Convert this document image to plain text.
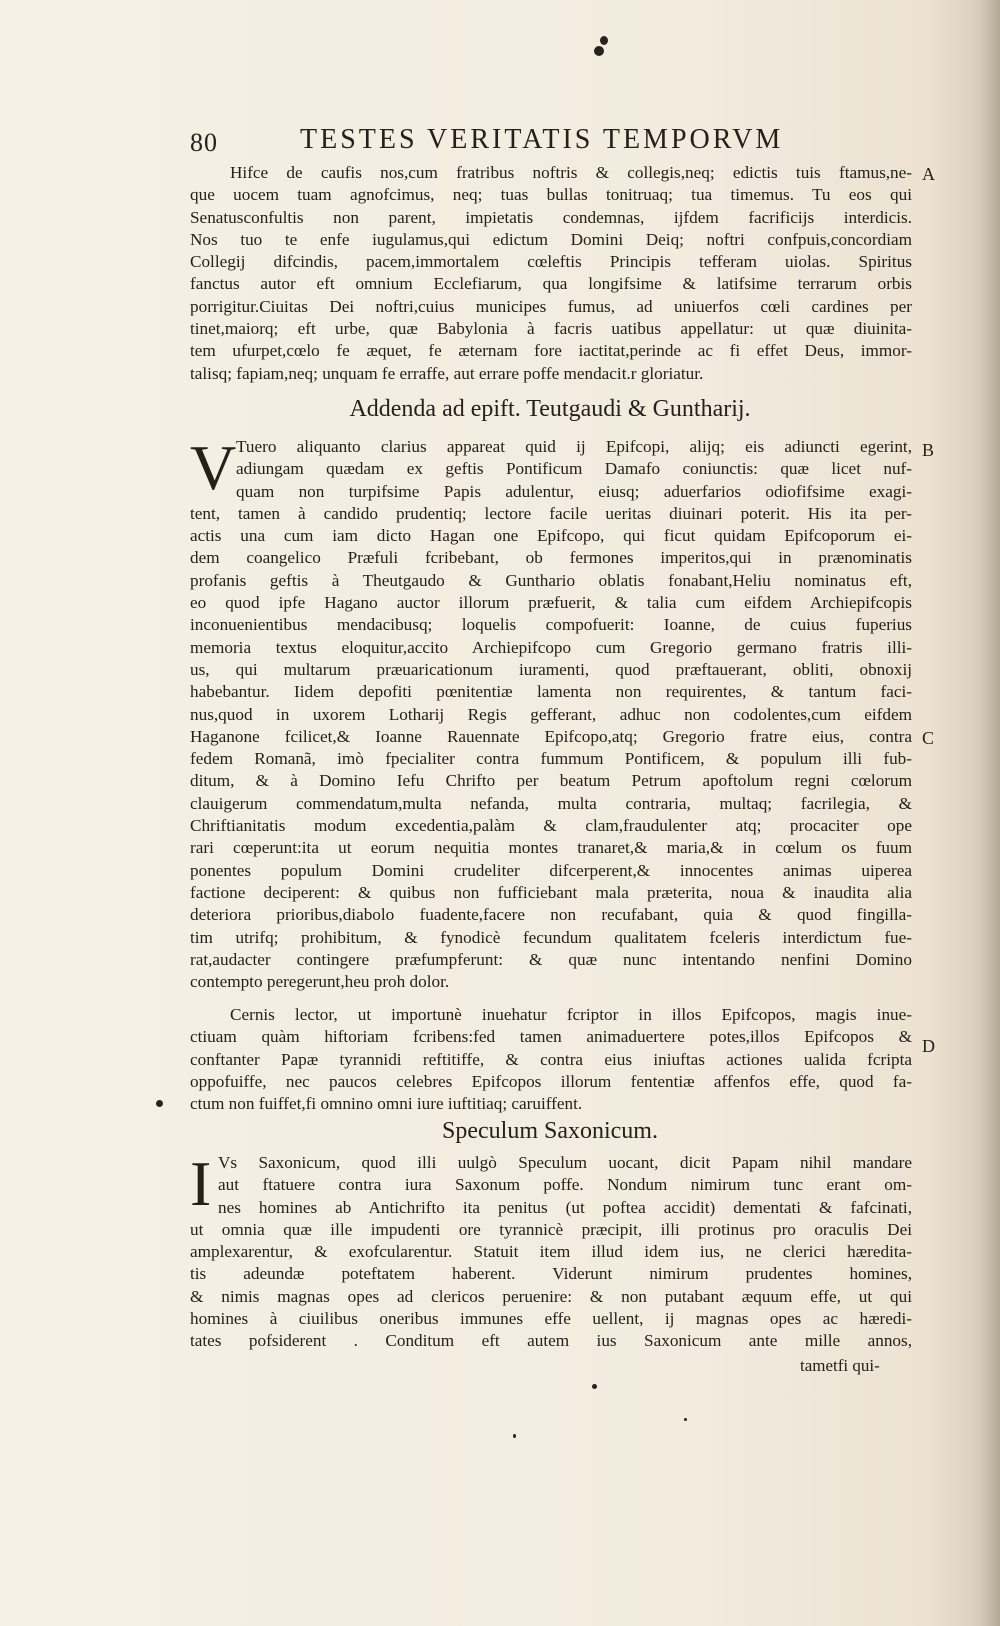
80	TESTES VERITATIS TEMPORVM
A
B
C
D
Hifce de caufis nos,cum fratribus noftris & collegis,neq; edictis tuis ftamus,ne-
que uocem tuam agnofcimus, neq; tuas bullas tonitruaq; tua timemus. Tu eos qui
Senatusconfultis non parent, impietatis condemnas, ijfdem facrificijs interdicis.
Nos tuo te enfe iugulamus,qui edictum Domini Deiq; noftri confpuis,concordiam
Collegij difcindis, pacem,immortalem cœleftis Principis tefferam uiolas. Spiritus
fanctus autor eft omnium Ecclefiarum, qua longifsime & latifsime terrarum orbis
porrigitur.Ciuitas Dei noftri,cuius municipes fumus, ad uniuerfos cœli cardines per
tinet,maiorq; eft urbe, quæ Babylonia à facris uatibus appellatur: ut quæ diuinita-
tem ufurpet,cœlo fe æquet, fe æternam fore iactitat,perinde ac fi effet Deus, immor-
talisq; fapiam,neq; unquam fe erraffe, aut errare poffe mendacit.r gloriatur.
Addenda ad epift. Teutgaudi & Guntharij.
V Tuero aliquanto clarius appareat quid ij Epifcopi, alijq; eis adiuncti egerint,
adiungam quædam ex geftis Pontificum Damafo coniunctis: quæ licet nuf-
quam non turpifsime Papis adulentur, eiusq; aduerfarios odiofifsime exagi-
tent, tamen à candido prudentiq; lectore facile ueritas diuinari poterit. His ita per-
actis una cum iam dicto Hagan one Epifcopo, qui ficut quidam Epifcoporum ei-
dem coangelico Præfuli fcribebant, ob fermones imperitos,qui in prænominatis
profanis geftis à Theutgaudo & Gunthario oblatis fonabant,Heliu nominatus eft,
eo quod ipfe Hagano auctor illorum præfuerit, & talia cum eifdem Archiepifcopis
inconuenientibus mendacibusq; loquelis compofuerit: Ioanne, de cuius fuperius
memoria textus eloquitur,accito Archiepifcopo cum Gregorio germano fratris illi-
us, qui multarum præuaricationum iuramenti, quod præftauerant, obliti, obnoxij
habebantur. Iidem depofiti pœnitentiæ lamenta non requirentes, & tantum faci-
nus,quod in uxorem Lotharij Regis gefferant, adhuc non codolentes,cum eifdem
Haganone fcilicet,& Ioanne Rauennate Epifcopo,atq; Gregorio fratre eius, contra
fedem Romanã, imò fpecialiter contra fummum Pontificem, & populum illi fub-
ditum, & à Domino Iefu Chrifto per beatum Petrum apoftolum regni cœlorum
clauigerum commendatum,multa nefanda, multa contraria, multaq; facrilegia, &
Chriftianitatis modum excedentia,palàm & clam,fraudulenter atq; procaciter ope
rari cœperunt:ita ut eorum nequitia montes tranaret,& maria,& in cœlum os fuum
ponentes populum Domini crudeliter difcerperent,& innocentes animas uiperea
factione deciperent: & quibus non fufficiebant mala præterita, noua & inaudita alia
deteriora prioribus,diabolo fuadente,facere non recufabant, quia & quod fingilla-
tim utrifq; prohibitum, & fynodicè fecundum qualitatem fceleris interdictum fue-
rat,audacter contingere præfumpferunt: & quæ nunc intentando nenfini Domino
contempto peregerunt,heu proh dolor.
Cernis lector, ut importunè inuehatur fcriptor in illos Epifcopos, magis inue-
ctiuam quàm hiftoriam fcribens:fed tamen animaduertere potes,illos Epifcopos &
conftanter Papæ tyrannidi reftitiffe, & contra eius iniuftas actiones ualida fcripta
oppofuiffe, nec paucos celebres Epifcopos illorum fententiæ affenfos effe, quod fa-
ctum non fuiffet,fi omnino omni iure iuftitiaq; caruiffent.
Speculum Saxonicum.
I Vs Saxonicum, quod illi uulgò Speculum uocant, dicit Papam nihil mandare
aut ftatuere contra iura Saxonum poffe. Nondum nimirum tunc erant om-
nes homines ab Antichrifto ita penitus (ut poftea accidit) dementati & fafcinati,
ut omnia quæ ille impudenti ore tyrannicè præcipit, illi protinus pro oraculis Dei
amplexarentur, & exofcularentur. Statuit item illud idem ius, ne clerici hæredita-
tis adeundæ poteftatem haberent. Viderunt nimirum prudentes homines,
& nimis magnas opes ad clericos peruenire: & non putabant æquum effe, ut qui
homines à ciuilibus oneribus immunes effe uellent, ij magnas opes ac hæredi-
tates pofsiderent . Conditum eft autem ius Saxonicum ante mille annos,
tametfi qui-
